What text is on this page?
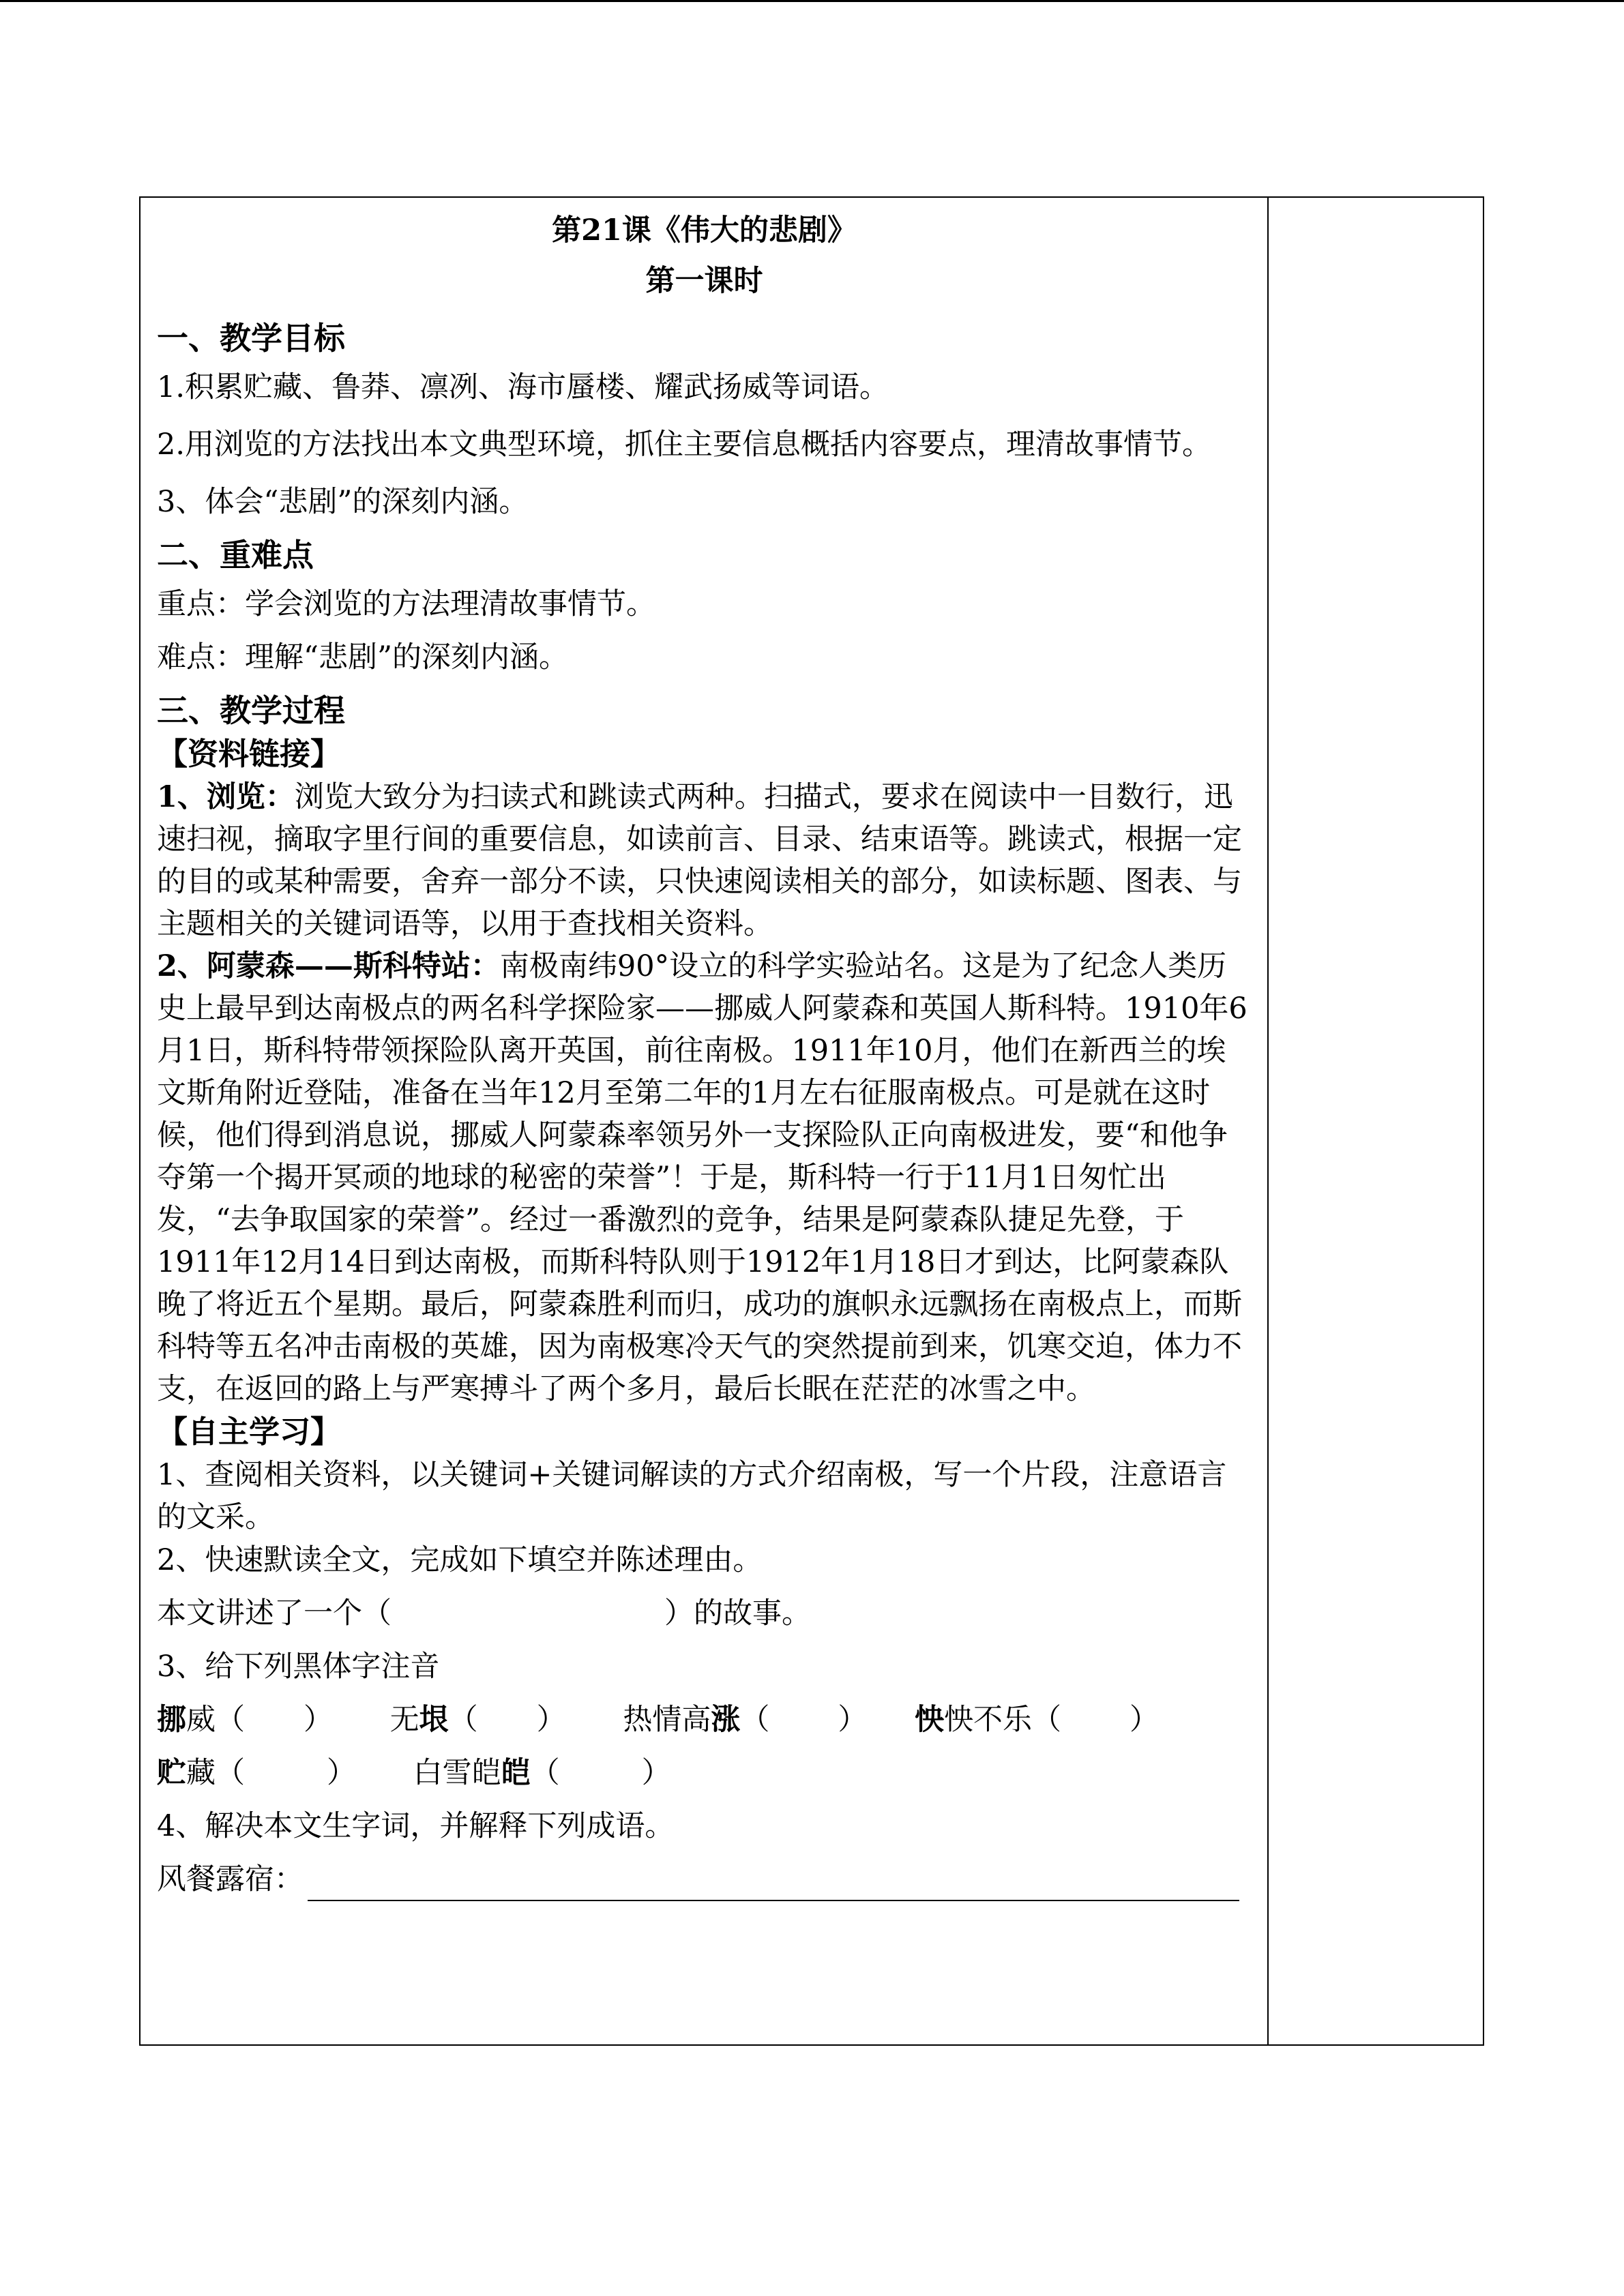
第21课《伟大的悲剧》
第一课时
一、教学目标
1.积累贮藏、鲁莽、凛冽、海市蜃楼、耀武扬威等词语。
2.用浏览的方法找出本文典型环境，抓住主要信息概括内容要点，理清故事情节。
3、体会“悲剧”的深刻内涵。
二、重难点
重点：学会浏览的方法理清故事情节。
难点：理解“悲剧”的深刻内涵。
三、教学过程
【资料链接】
1、浏览：浏览大致分为扫读式和跳读式两种。扫描式，要求在阅读中一目数行，迅速扫视，摘取字里行间的重要信息，如读前言、目录、结束语等。跳读式，根据一定的目的或某种需要，舍弃一部分不读，只快速阅读相关的部分，如读标题、图表、与主题相关的关键词语等，以用于查找相关资料。
2、阿蒙森——斯科特站：南极南纬90°设立的科学实验站名。这是为了纪念人类历史上最早到达南极点的两名科学探险家——挪威人阿蒙森和英国人斯科特。1910年6月1日，斯科特带领探险队离开英国，前往南极。1911年10月，他们在新西兰的埃文斯角附近登陆，准备在当年12月至第二年的1月左右征服南极点。可是就在这时候，他们得到消息说，挪威人阿蒙森率领另外一支探险队正向南极进发，要“和他争夺第一个揭开冥顽的地球的秘密的荣誉”！于是，斯科特一行于11月1日匆忙出发，“去争取国家的荣誉”。经过一番激烈的竞争，结果是阿蒙森队捷足先登，于1911年12月14日到达南极，而斯科特队则于1912年1月18日才到达，比阿蒙森队晚了将近五个星期。最后，阿蒙森胜利而归，成功的旗帜永远飘扬在南极点上，而斯科特等五名冲击南极的英雄，因为南极寒冷天气的突然提前到来，饥寒交迫，体力不支，在返回的路上与严寒搏斗了两个多月，最后长眠在茫茫的冰雪之中。
【自主学习】
1、查阅相关资料，以关键词+关键词解读的方式介绍南极，写一个片段，注意语言的文采。
2、快速默读全文，完成如下填空并陈述理由。
本文讲述了一个（	）的故事。
3、给下列黑体字注音
挪威（ ） 无垠（ ） 热情高涨（ ） 怏怏不乐（ ）
贮藏（	） 白雪皑皑（	）
4、解决本文生字词，并解释下列成语。
风餐露宿：
